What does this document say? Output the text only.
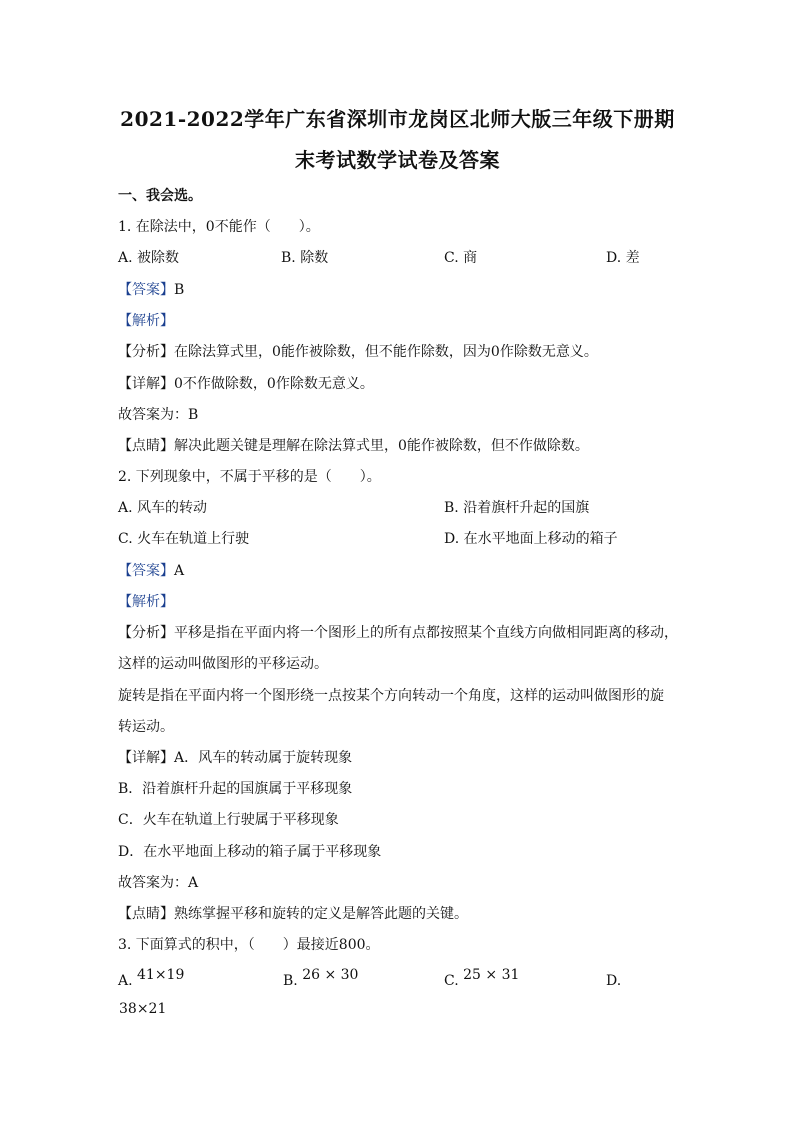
2021-2022学年广东省深圳市龙岗区北师大版三年级下册期
末考试数学试卷及答案
一、我会选。
1. 在除法中，0不能作（　　）。
A. 被除数	B. 除数	C. 商	D. 差
【答案】B
【解析】
【分析】在除法算式里，0能作被除数，但不能作除数，因为0作除数无意义。
【详解】0不作做除数，0作除数无意义。
故答案为：B
【点睛】解决此题关键是理解在除法算式里，0能作被除数，但不作做除数。
2. 下列现象中，不属于平移的是（　　）。
A. 风车的转动	B. 沿着旗杆升起的国旗
C. 火车在轨道上行驶	D. 在水平地面上移动的箱子
【答案】A
【解析】
【分析】平移是指在平面内将一个图形上的所有点都按照某个直线方向做相同距离的移动，
这样的运动叫做图形的平移运动。
旋转是指在平面内将一个图形绕一点按某个方向转动一个角度，这样的运动叫做图形的旋
转运动。
【详解】A．风车的转动属于旋转现象
B．沿着旗杆升起的国旗属于平移现象
C．火车在轨道上行驶属于平移现象
D．在水平地面上移动的箱子属于平移现象
故答案为：A
【点睛】熟练掌握平移和旋转的定义是解答此题的关键。
3. 下面算式的积中，（　　）最接近800。
A. 41×19	B. 26 × 30	C. 25 × 31	D.
38×21
